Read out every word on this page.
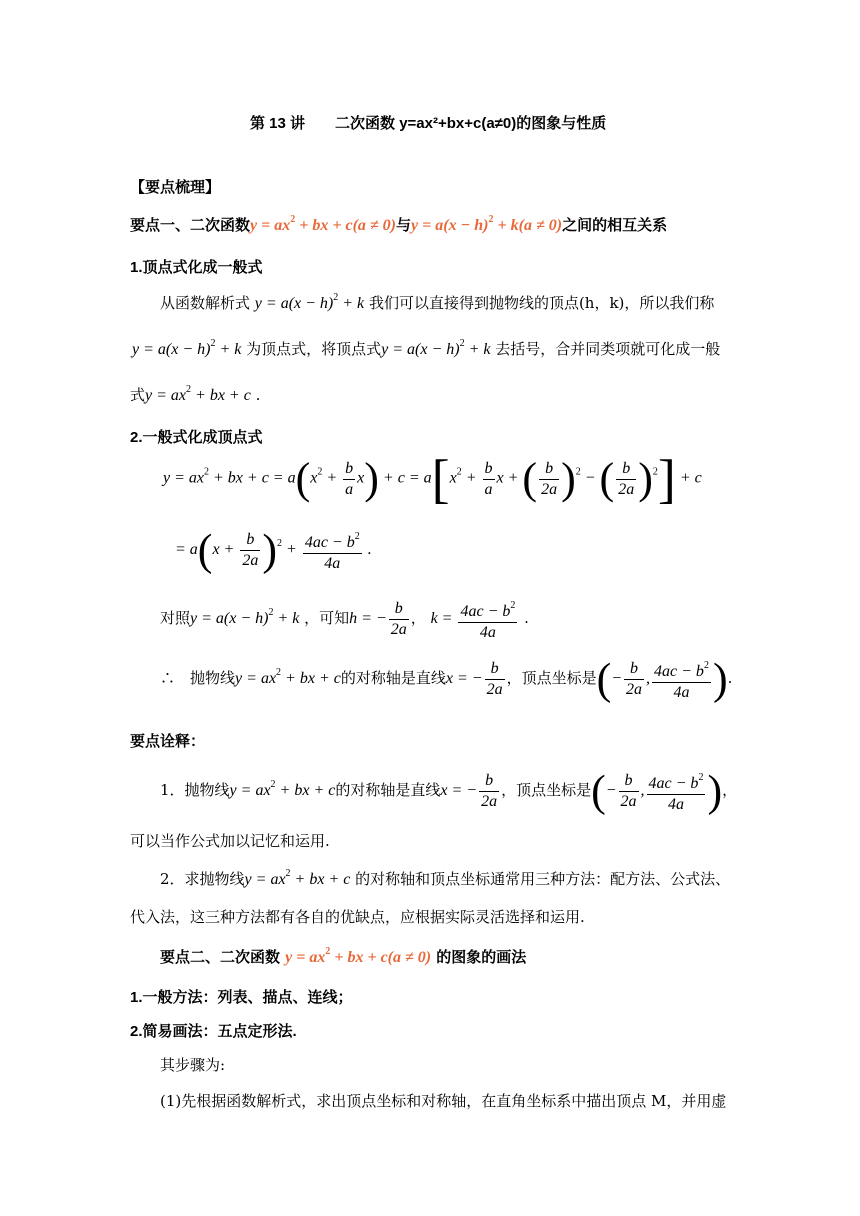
第 13 讲　　二次函数 y=ax²+bx+c(a≠0)的图象与性质
【要点梳理】
要点一、二次函数$y = ax^2$ + bx + c(a ≠ 0)与$y = a(x - h)^2 + k(a \ne 0)$之间的相互关系
1.顶点式化成一般式
从函数解析式 $y = a(x - h)^2 + k$ 我们可以直接得到抛物线的顶点(h，k)，所以我们称
$y = a(x - h)^2 + k$ 为顶点式，将顶点式$y = a(x - h)^2 + k$ 去括号，合并同类项就可化成一般
式$y = ax^2$ + bx + c .
2.一般式化成顶点式
$y = ax^2$ + bx + $c = a(x^2 + \frac{b}{a} x) + c = a[x^2 + \frac{b}{a}$ x + ( $\frac{b}{2a} )^2$ − ( $\frac{b}{2a} )^2] + c$
= $a(x + \frac{b}{2a} )^2 + \frac{4ac - b^2}{4a}$ .
对照$y = a(x - h)^2 + k$ ，可知h = − $\frac{b}{2a}$ ， $k = \frac{4ac - b^2}{4a}$ .
∴　 抛物线$y = ax^2$ + bx + c的对称轴是直线x = − $\frac{b}{2a}$ ，顶点坐标是(− $\frac{b}{2a}$ , $\frac{4ac - b^2}{4a}$ ).
要点诠释：
1．抛物线$y = ax^2$ + bx + c的对称轴是直线x = − $\frac{b}{2a}$ ，顶点坐标是(− $\frac{b}{2a}$ , $\frac{4ac - b^2}{4a}$ )，
可以当作公式加以记忆和运用.
2．求抛物线$y = ax^2$ + bx + c 的对称轴和顶点坐标通常用三种方法：配方法、公式法、
代入法，这三种方法都有各自的优缺点，应根据实际灵活选择和运用.
要点二、二次函数 $y = ax^2$ + bx + c(a ≠ 0) 的图象的画法
1.一般方法：列表、描点、连线；
2.简易画法：五点定形法.
其步骤为:
(1)先根据函数解析式，求出顶点坐标和对称轴，在直角坐标系中描出顶点 M，并用虚
